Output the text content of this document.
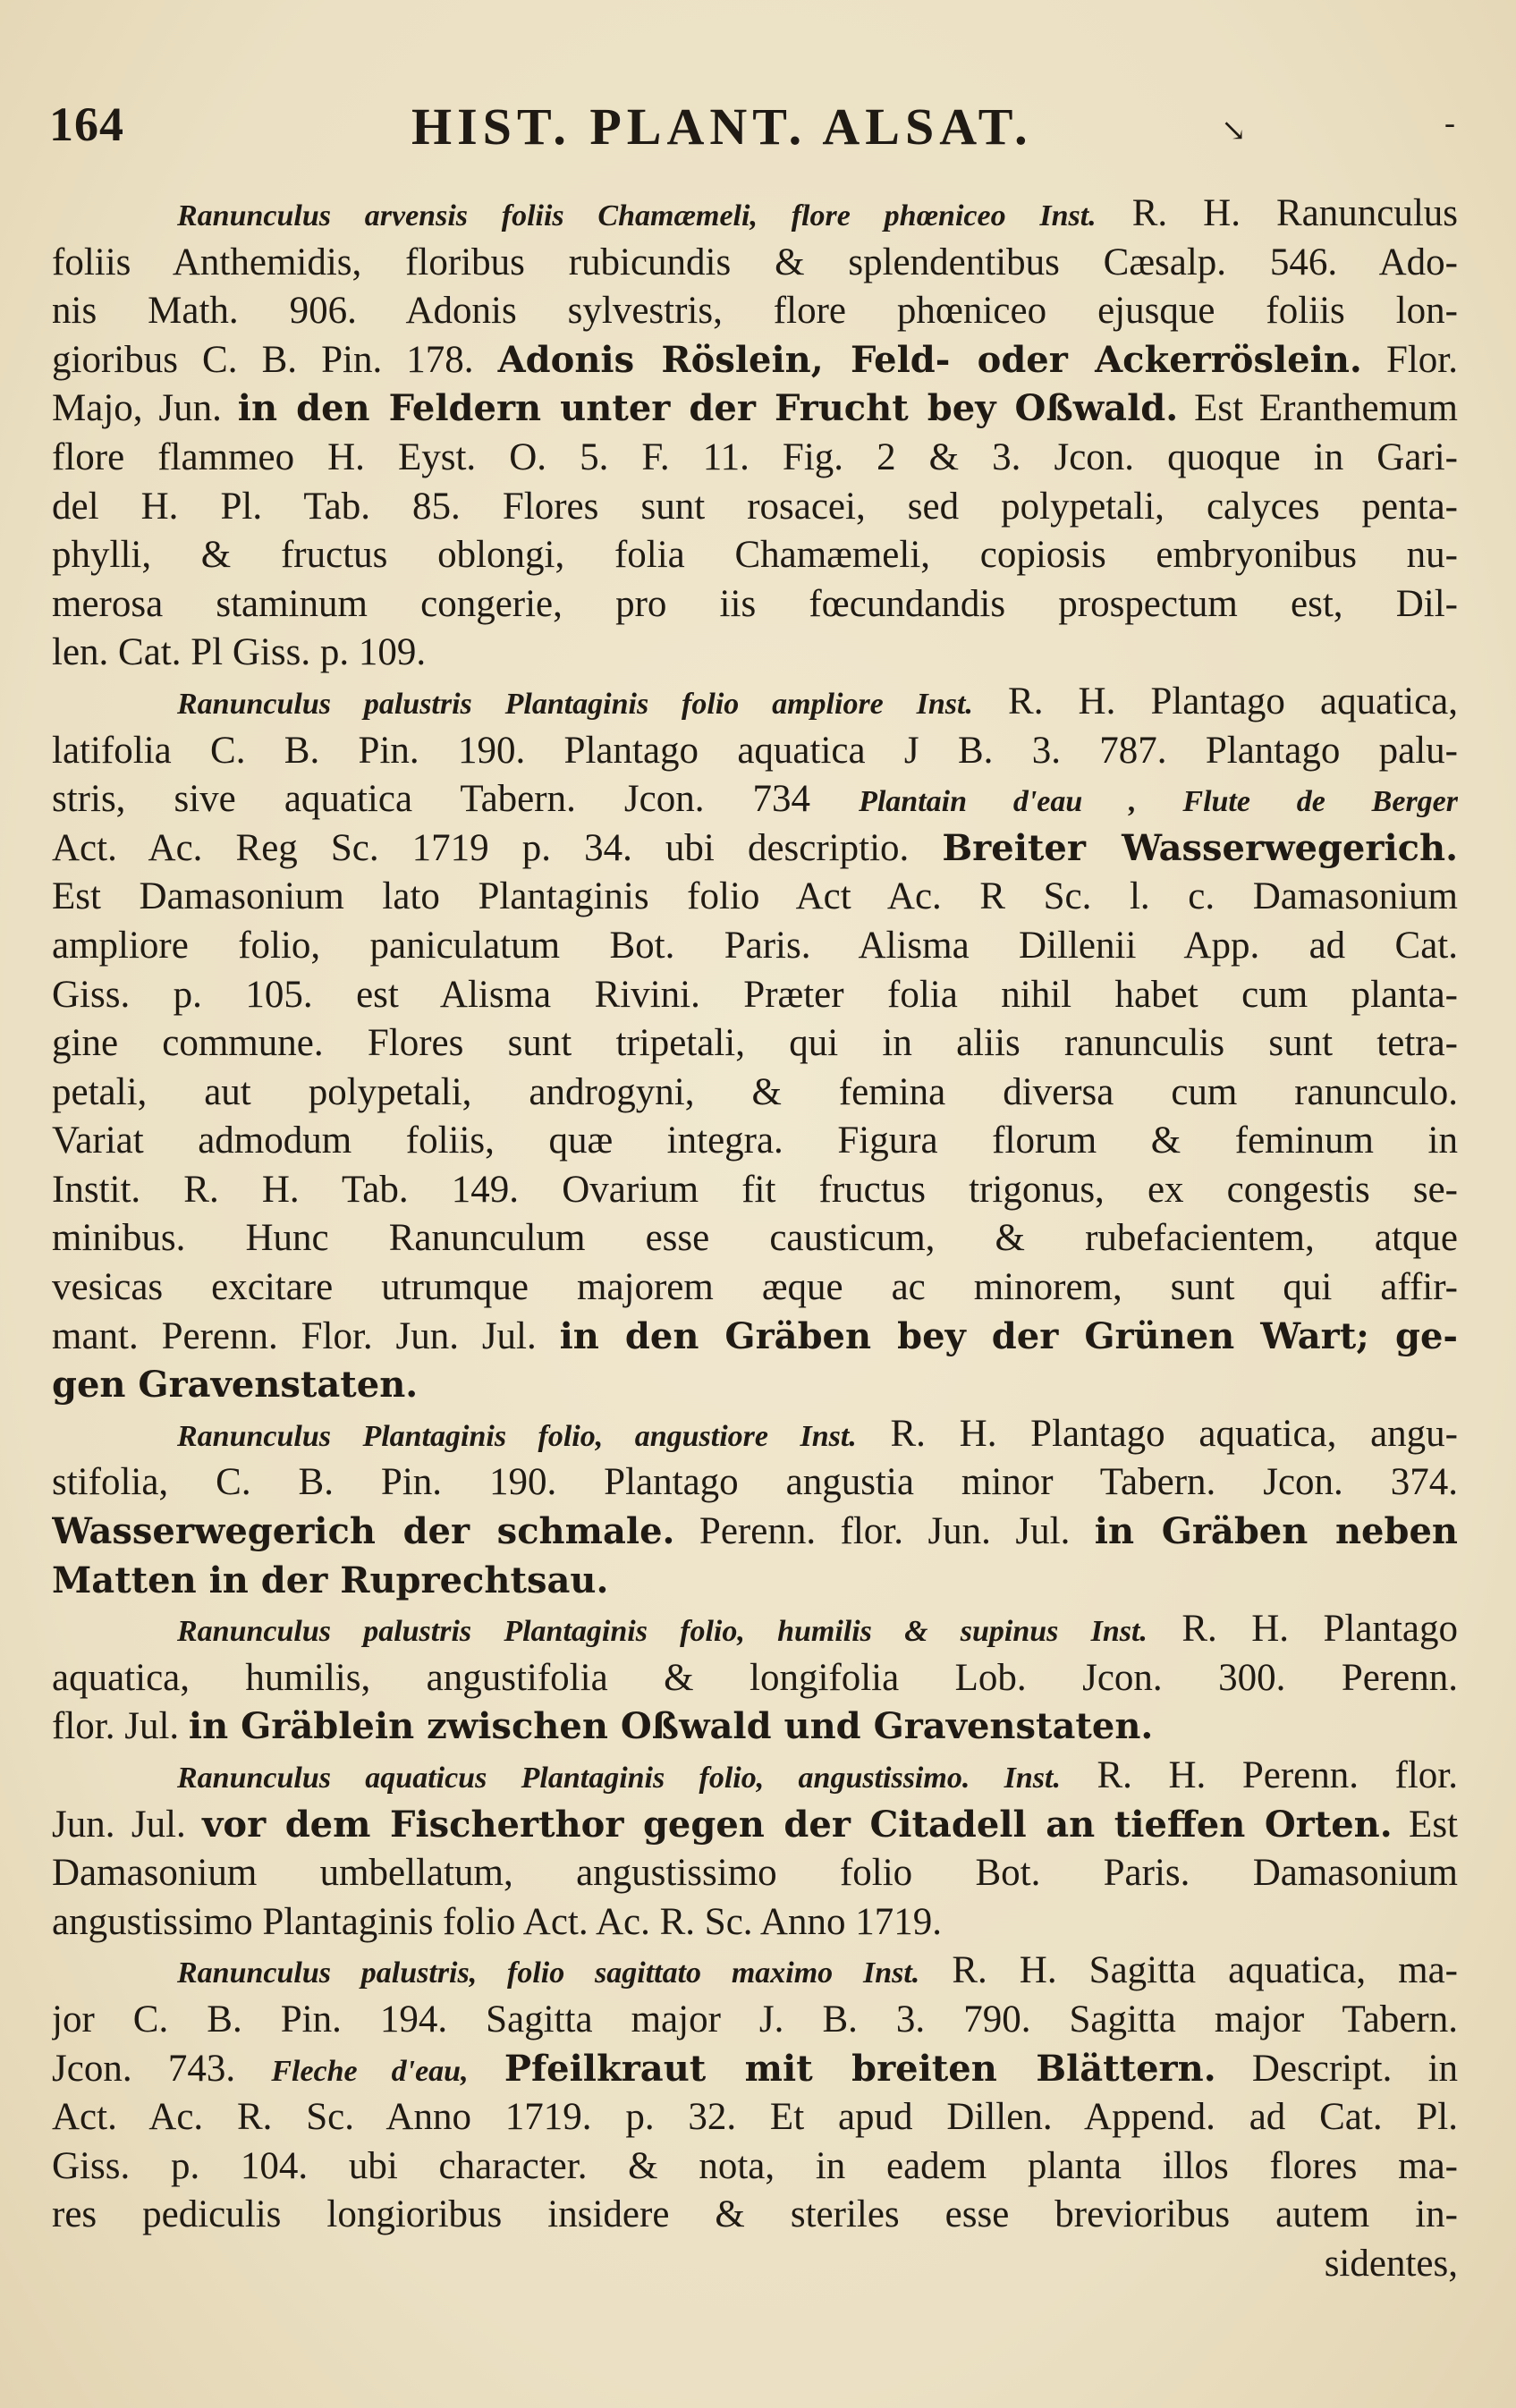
164	HIST. PLANT. ALSAT.	↘	-
Ranunculus arvensis foliis Chamæmeli, flore phœniceo Inst. R. H. Ranunculus
foliis Anthemidis, floribus rubicundis & splendentibus Cæsalp. 546. Ado-
nis Math. 906. Adonis sylvestris, flore phœniceo ejusque foliis lon-
gioribus C. B. Pin. 178. Adonis Röslein, Feld- oder Ackerröslein. Flor.
Majo, Jun. in den Feldern unter der Frucht bey Oßwald. Est Eranthemum
flore flammeo H. Eyst. O. 5. F. 11. Fig. 2 & 3. Jcon. quoque in Gari-
del H. Pl. Tab. 85. Flores sunt rosacei, sed polypetali, calyces penta-
phylli, & fructus oblongi, folia Chamæmeli, copiosis embryonibus nu-
merosa staminum congerie, pro iis fœcundandis prospectum est, Dil-
len. Cat. Pl Giss. p. 109.
Ranunculus palustris Plantaginis folio ampliore Inst. R. H. Plantago aquatica,
latifolia C. B. Pin. 190. Plantago aquatica J B. 3. 787. Plantago palu-
stris, sive aquatica Tabern. Jcon. 734 Plantain d'eau , Flute de Berger
Act. Ac. Reg Sc. 1719 p. 34. ubi descriptio. Breiter Wasserwegerich.
Est Damasonium lato Plantaginis folio Act Ac. R Sc. l. c. Damasonium
ampliore folio, paniculatum Bot. Paris. Alisma Dillenii App. ad Cat.
Giss. p. 105. est Alisma Rivini. Præter folia nihil habet cum planta-
gine commune. Flores sunt tripetali, qui in aliis ranunculis sunt tetra-
petali, aut polypetali, androgyni, & femina diversa cum ranunculo.
Variat admodum foliis, quæ integra. Figura florum & feminum in
Instit. R. H. Tab. 149. Ovarium fit fructus trigonus, ex congestis se-
minibus. Hunc Ranunculum esse causticum, & rubefacientem, atque
vesicas excitare utrumque majorem æque ac minorem, sunt qui affir-
mant. Perenn. Flor. Jun. Jul. in den Gräben bey der Grünen Wart; ge-
gen Gravenstaten.
Ranunculus Plantaginis folio, angustiore Inst. R. H. Plantago aquatica, angu-
stifolia, C. B. Pin. 190. Plantago angustia minor Tabern. Jcon. 374.
Wasserwegerich der schmale. Perenn. flor. Jun. Jul. in Gräben neben
Matten in der Ruprechtsau.
Ranunculus palustris Plantaginis folio, humilis & supinus Inst. R. H. Plantago
aquatica, humilis, angustifolia & longifolia Lob. Jcon. 300. Perenn.
flor. Jul. in Gräblein zwischen Oßwald und Gravenstaten.
Ranunculus aquaticus Plantaginis folio, angustissimo. Inst. R. H. Perenn. flor.
Jun. Jul. vor dem Fischerthor gegen der Citadell an tieffen Orten. Est
Damasonium umbellatum, angustissimo folio Bot. Paris. Damasonium
angustissimo Plantaginis folio Act. Ac. R. Sc. Anno 1719.
Ranunculus palustris, folio sagittato maximo Inst. R. H. Sagitta aquatica, ma-
jor C. B. Pin. 194. Sagitta major J. B. 3. 790. Sagitta major Tabern.
Jcon. 743. Fleche d'eau, Pfeilkraut mit breiten Blättern. Descript. in
Act. Ac. R. Sc. Anno 1719. p. 32. Et apud Dillen. Append. ad Cat. Pl.
Giss. p. 104. ubi character. & nota, in eadem planta illos flores ma-
res pediculis longioribus insidere & steriles esse brevioribus autem in-
sidentes,
